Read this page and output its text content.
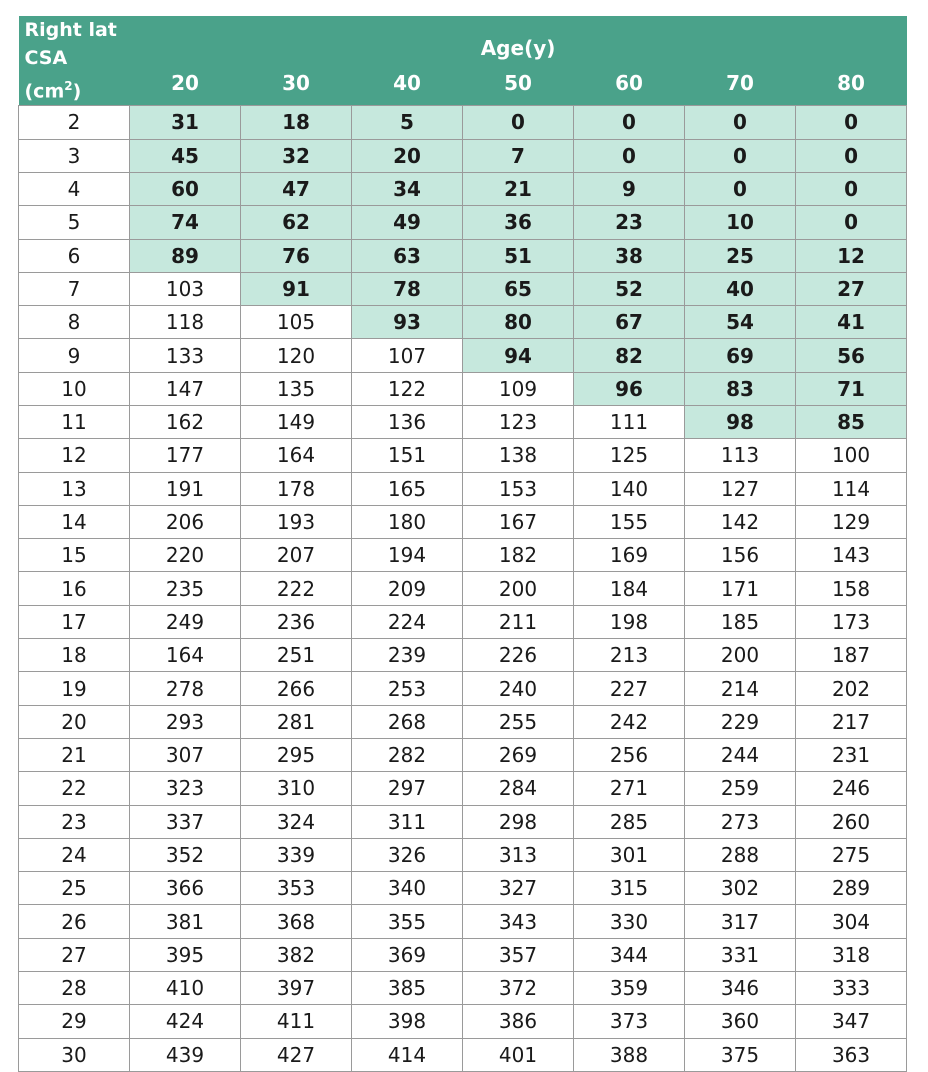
Right lat
CSA $(cm^2)$	Age(y)						
	20	30	40	50	60	70	80
2	31	18	5	0	0	0	0
3	45	32	20	7	0	0	0
4	60	47	34	21	9	0	0
5	74	62	49	36	23	10	0
6	89	76	63	51	38	25	12
7	103	91	78	65	52	40	27
8	118	105	93	80	67	54	41
9	133	120	107	94	82	69	56
10	147	135	122	109	96	83	71
11	162	149	136	123	111	98	85
12	177	164	151	138	125	113	100
13	191	178	165	153	140	127	114
14	206	193	180	167	155	142	129
15	220	207	194	182	169	156	143
16	235	222	209	200	184	171	158
17	249	236	224	211	198	185	173
18	164	251	239	226	213	200	187
19	278	266	253	240	227	214	202
20	293	281	268	255	242	229	217
21	307	295	282	269	256	244	231
22	323	310	297	284	271	259	246
23	337	324	311	298	285	273	260
24	352	339	326	313	301	288	275
25	366	353	340	327	315	302	289
26	381	368	355	343	330	317	304
27	395	382	369	357	344	331	318
28	410	397	385	372	359	346	333
29	424	411	398	386	373	360	347
30	439	427	414	401	388	375	363
